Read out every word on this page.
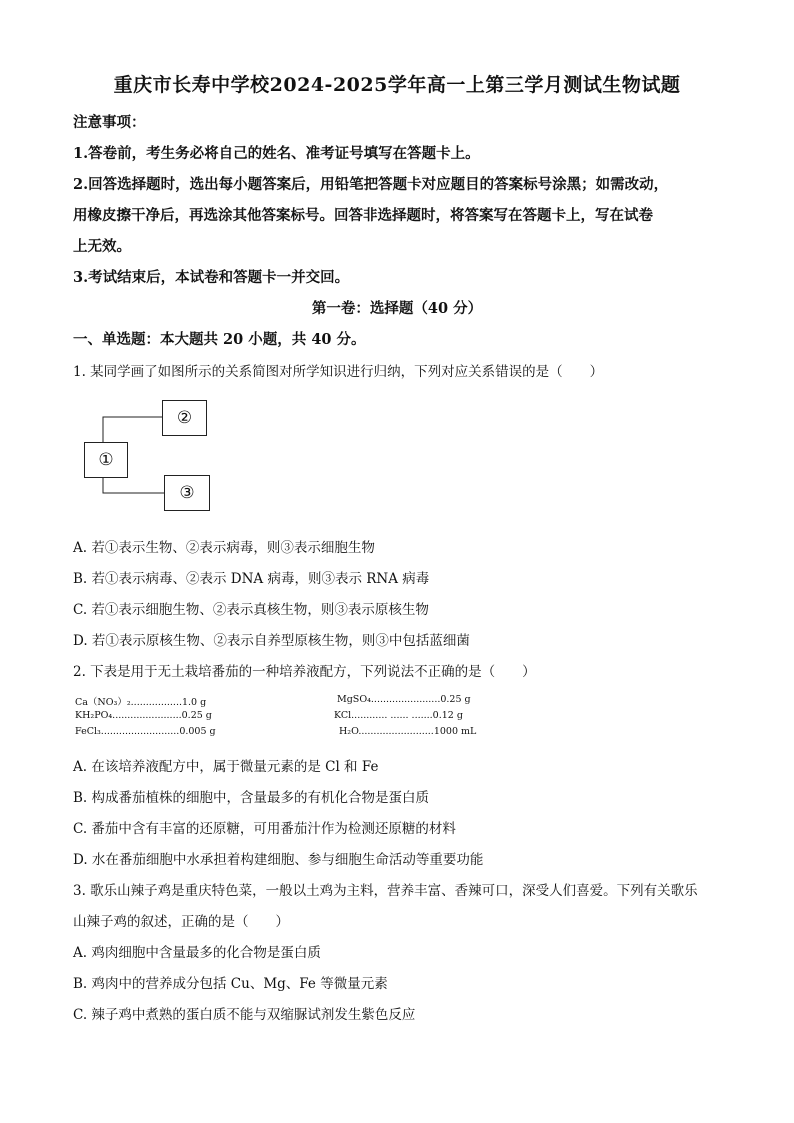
重庆市长寿中学校2024-2025学年高一上第三学月测试生物试题
注意事项：
1.答卷前，考生务必将自己的姓名、准考证号填写在答题卡上。
2.回答选择题时，选出每小题答案后，用铅笔把答题卡对应题目的答案标号涂黑；如需改动，
用橡皮擦干净后，再选涂其他答案标号。回答非选择题时，将答案写在答题卡上，写在试卷
上无效。
3.考试结束后，本试卷和答题卡一并交回。
第一卷：选择题（40 分）
一、单选题：本大题共 20 小题，共 40 分。
1. 某同学画了如图所示的关系简图对所学知识进行归纳，下列对应关系错误的是（　　）
②
①
③
A. 若①表示生物、②表示病毒，则③表示细胞生物
B. 若①表示病毒、②表示 DNA 病毒，则③表示 RNA 病毒
C. 若①表示细胞生物、②表示真核生物，则③表示原核生物
D. 若①表示原核生物、②表示自养型原核生物，则③中包括蓝细菌
2. 下表是用于无土栽培番茄的一种培养液配方，下列说法不正确的是（　　）
Ca（NO₃）₂.................1.0 g	MgSO₄.......................0.25 g
KH₂PO₄.......................0.25 g	KCl............ ...... .......0.12 g
FeCl₃..........................0.005 g	H₂O.........................1000 mL
A. 在该培养液配方中，属于微量元素的是 Cl 和 Fe
B. 构成番茄植株的细胞中，含量最多的有机化合物是蛋白质
C. 番茄中含有丰富的还原糖，可用番茄汁作为检测还原糖的材料
D. 水在番茄细胞中水承担着构建细胞、参与细胞生命活动等重要功能
3. 歌乐山辣子鸡是重庆特色菜，一般以土鸡为主料，营养丰富、香辣可口，深受人们喜爱。下列有关歌乐
山辣子鸡的叙述，正确的是（　　）
A. 鸡肉细胞中含量最多的化合物是蛋白质
B. 鸡肉中的营养成分包括 Cu、Mg、Fe 等微量元素
C. 辣子鸡中煮熟的蛋白质不能与双缩脲试剂发生紫色反应
